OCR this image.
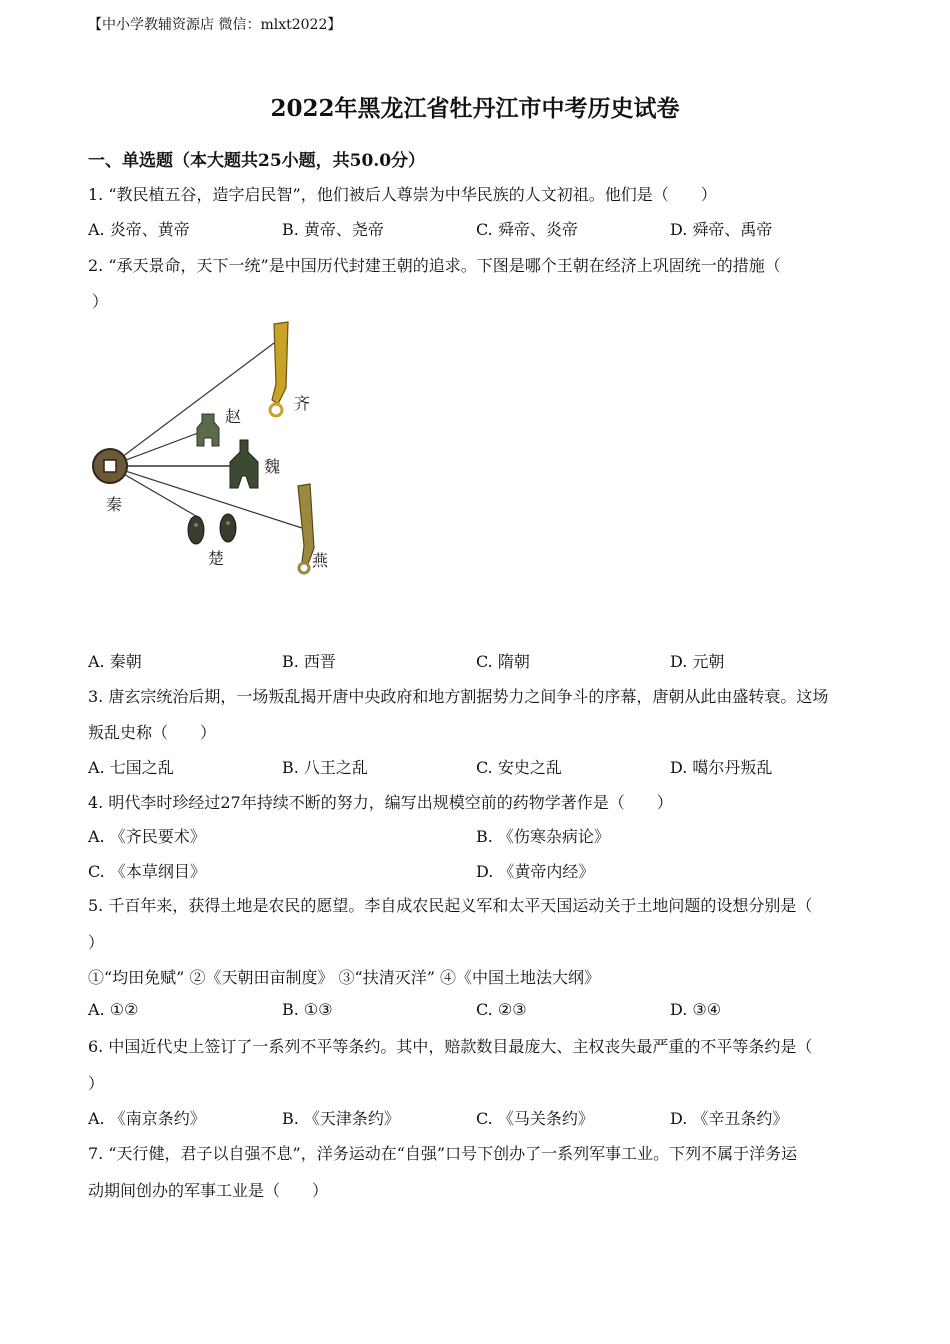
【中小学教辅资源店 微信：mlxt2022】
2022年黑龙江省牡丹江市中考历史试卷
一、单选题（本大题共25小题，共50.0分）
1. “教民植五谷，造字启民智”，他们被后人尊崇为中华民族的人文初祖。他们是（　　）
A. 炎帝、黄帝	B. 黄帝、尧帝	C. 舜帝、炎帝	D. 舜帝、禹帝
2. “承天景命，天下一统”是中国历代封建王朝的追求。下图是哪个王朝在经济上巩固统一的措施（
）
秦
赵
齐
魏
楚	燕
A. 秦朝	B. 西晋	C. 隋朝	D. 元朝
3. 唐玄宗统治后期，一场叛乱揭开唐中央政府和地方割据势力之间争斗的序幕，唐朝从此由盛转衰。这场
叛乱史称（　　）
A. 七国之乱	B. 八王之乱	C. 安史之乱	D. 噶尔丹叛乱
4. 明代李时珍经过27年持续不断的努力，编写出规模空前的药物学著作是（　　）
A. 《齐民要术》	B. 《伤寒杂病论》
C. 《本草纲目》	D. 《黄帝内经》
5. 千百年来，获得土地是农民的愿望。李自成农民起义军和太平天国运动关于土地问题的设想分别是（
）
①“均田免赋” ②《天朝田亩制度》 ③“扶清灭洋” ④《中国土地法大纲》
A. ①②	B. ①③	C. ②③	D. ③④
6. 中国近代史上签订了一系列不平等条约。其中，赔款数目最庞大、主权丧失最严重的不平等条约是（
）
A. 《南京条约》	B. 《天津条约》	C. 《马关条约》	D. 《辛丑条约》
7. “天行健，君子以自强不息”，洋务运动在“自强”口号下创办了一系列军事工业。下列不属于洋务运
动期间创办的军事工业是（　　）
